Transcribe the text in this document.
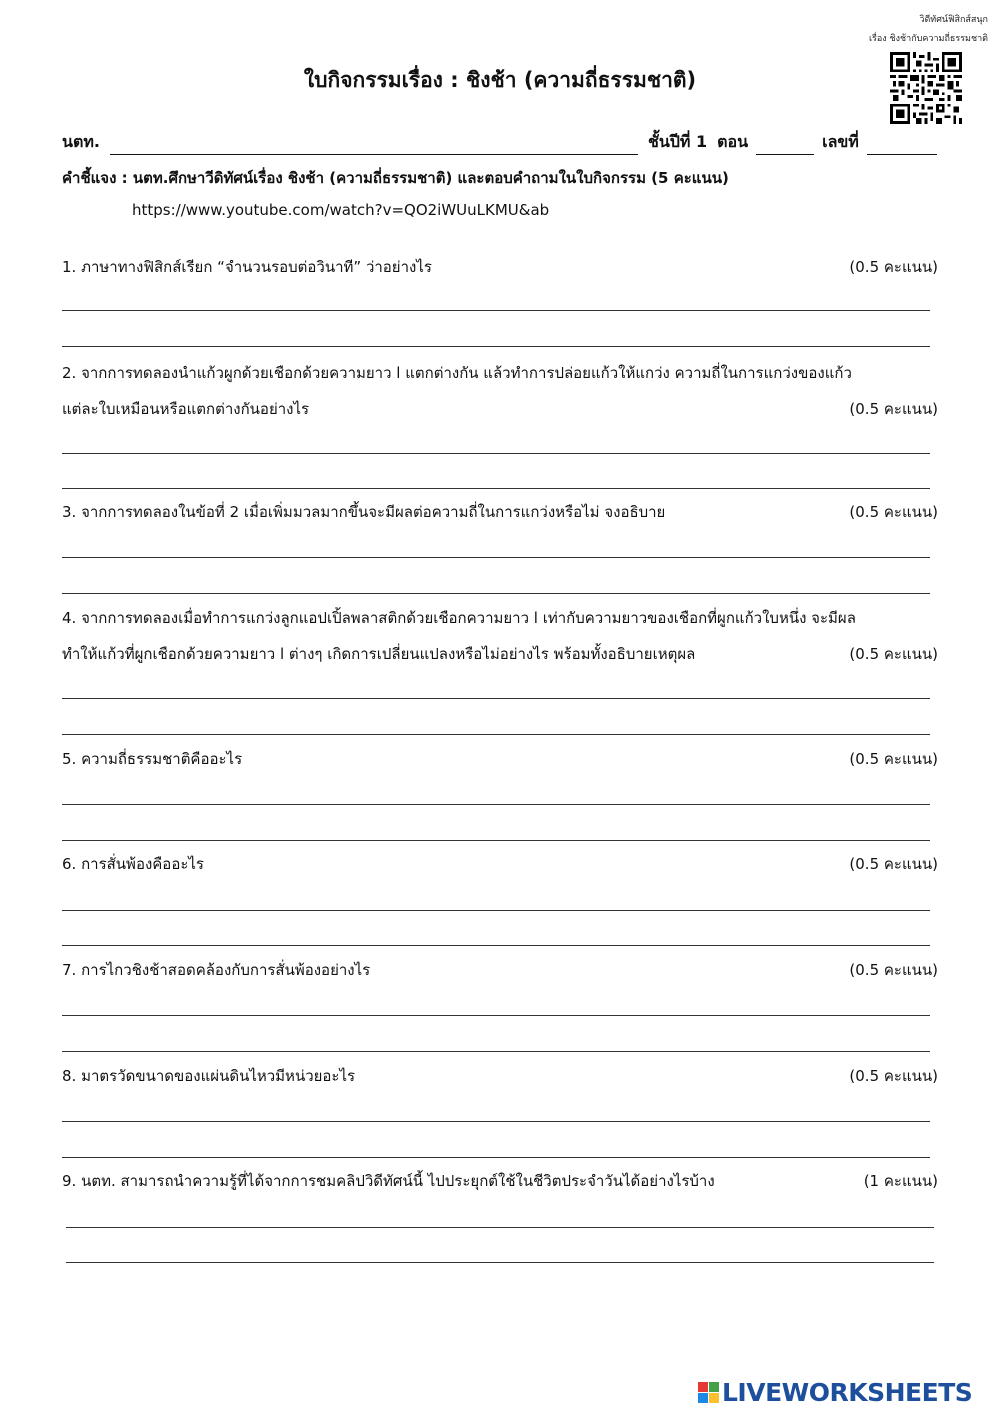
วิดีทัศน์ฟิสิกส์สนุก
เรื่อง ชิงช้ากับความถี่ธรรมชาติ
ใบกิจกรรมเรื่อง : ชิงช้า (ความถี่ธรรมชาติ)
นตท.	ชั้นปีที่ 1 ตอน	เลขที่
คำชี้แจง : นตท.ศึกษาวีดิทัศน์เรื่อง ชิงช้า (ความถี่ธรรมชาติ) และตอบคำถามในใบกิจกรรม (5 คะแนน)
https://www.youtube.com/watch?v=QO2iWUuLKMU&ab
1. ภาษาทางฟิสิกส์เรียก “จำนวนรอบต่อวินาที” ว่าอย่างไร	(0.5 คะแนน)
2. จากการทดลองนำแก้วผูกด้วยเชือกด้วยความยาว l แตกต่างกัน แล้วทำการปล่อยแก้วให้แกว่ง ความถี่ในการแกว่งของแก้ว
แต่ละใบเหมือนหรือแตกต่างกันอย่างไร	(0.5 คะแนน)
3. จากการทดลองในข้อที่ 2 เมื่อเพิ่มมวลมากขึ้นจะมีผลต่อความถี่ในการแกว่งหรือไม่ จงอธิบาย	(0.5 คะแนน)
4. จากการทดลองเมื่อทำการแกว่งลูกแอปเปิ้ลพลาสติกด้วยเชือกความยาว l เท่ากับความยาวของเชือกที่ผูกแก้วใบหนึ่ง จะมีผล
ทำให้แก้วที่ผูกเชือกด้วยความยาว l ต่างๆ เกิดการเปลี่ยนแปลงหรือไม่อย่างไร พร้อมทั้งอธิบายเหตุผล	(0.5 คะแนน)
5. ความถี่ธรรมชาติคืออะไร	(0.5 คะแนน)
6. การสั่นพ้องคืออะไร	(0.5 คะแนน)
7. การไกวชิงช้าสอดคล้องกับการสั่นพ้องอย่างไร	(0.5 คะแนน)
8. มาตรวัดขนาดของแผ่นดินไหวมีหน่วยอะไร	(0.5 คะแนน)
9. นตท. สามารถนำความรู้ที่ได้จากการชมคลิปวิดีทัศน์นี้ ไปประยุกต์ใช้ในชีวิตประจำวันได้อย่างไรบ้าง	(1 คะแนน)
LIVEWORKSHEETS
